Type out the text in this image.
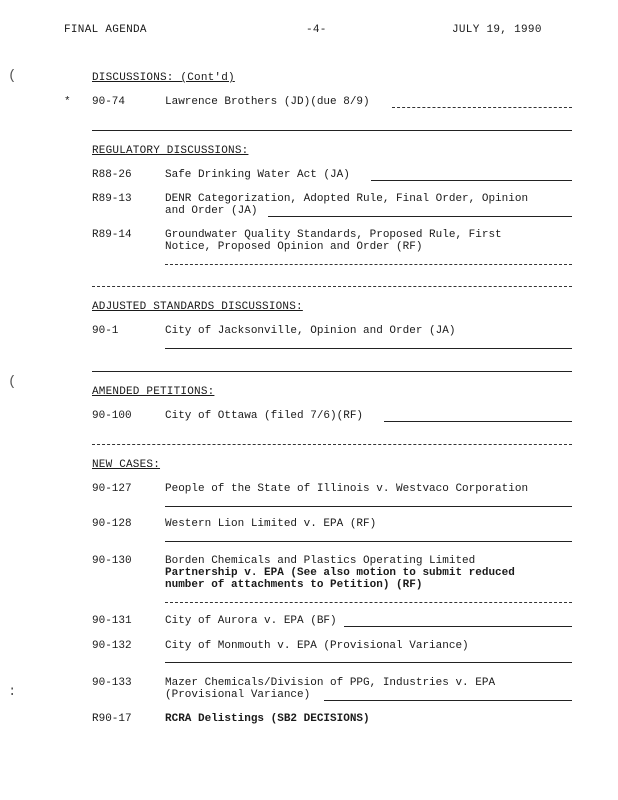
FINAL AGENDA	-4-	JULY 19, 1990
(
(
:
DISCUSSIONS: (Cont'd)
* 90-74	Lawrence Brothers (JD)(due 8/9)
REGULATORY DISCUSSIONS:
R88-26	Safe Drinking Water Act (JA)
R89-13	DENR Categorization, Adopted Rule, Final Order, Opinion
and Order (JA)
R89-14	Groundwater Quality Standards, Proposed Rule, First
Notice, Proposed Opinion and Order (RF)
ADJUSTED STANDARDS DISCUSSIONS:
90-1	City of Jacksonville, Opinion and Order (JA)
AMENDED PETITIONS:
90-100	City of Ottawa (filed 7/6)(RF)
NEW CASES:
90-127	People of the State of Illinois v. Westvaco Corporation
90-128	Western Lion Limited v. EPA (RF)
90-130	Borden Chemicals and Plastics Operating Limited
Partnership v. EPA (See also motion to submit reduced
number of attachments to Petition) (RF)
90-131	City of Aurora v. EPA (BF)
90-132	City of Monmouth v. EPA (Provisional Variance)
90-133	Mazer Chemicals/Division of PPG, Industries v. EPA
(Provisional Variance)
R90-17	RCRA Delistings (SB2 DECISIONS)
